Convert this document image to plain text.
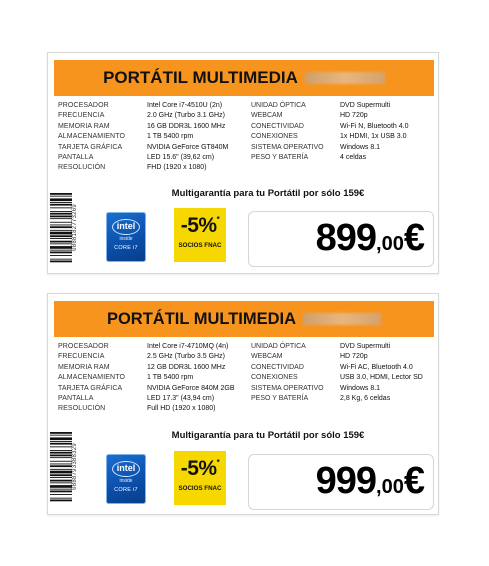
PORTÁTIL MULTIMEDIA
PROCESADOR	Intel Core i7-4510U (2n)	UNIDAD ÓPTICA	DVD Supermulti
FRECUENCIA	2.0 GHz (Turbo 3.1 GHz)	WEBCAM	HD 720p
MEMORIA RAM	16 GB DDR3L 1600 MHz	CONECTIVIDAD	Wi-Fi N, Bluetooth 4.0
ALMACENAMIENTO	1 TB 5400 rpm	CONEXIONES	1x HDMI, 1x USB 3.0
TARJETA GRÁFICA	NVIDIA GeForce GT840M	SISTEMA OPERATIVO	Windows 8.1
PANTALLA	LED 15.6" (39,62 cm)	PESO Y BATERÍA	4 celdas
RESOLUCIÓN	FHD (1920 x 1080)
Multigarantía para tu Portátil por sólo 159€
0888182773269	intel
inside
CORE i7
-5%*
SOCIOS FNAC 899,00€
PORTÁTIL MULTIMEDIA
PROCESADOR	Intel Core i7-4710MQ (4n)	UNIDAD ÓPTICA	DVD Supermulti
FRECUENCIA	2.5 GHz (Turbo 3.5 GHz)	WEBCAM	HD 720p
MEMORIA RAM	12 GB DDR3L 1600 MHz	CONECTIVIDAD	Wi-Fi AC, Bluetooth 4.0
ALMACENAMIENTO	1 TB 5400 rpm	CONEXIONES	USB 3.0, HDMI, Lector SD
TARJETA GRÁFICA	NVIDIA GeForce 840M 2GB	SISTEMA OPERATIVO	Windows 8.1
PANTALLA	LED 17.3" (43,94 cm)	PESO Y BATERÍA	2,8 Kg, 6 celdas
RESOLUCIÓN	Full HD (1920 x 1080)
Multigarantía para tu Portátil por sólo 159€
0888793388329	intel
inside
CORE i7
-5%*
SOCIOS FNAC 999,00€
